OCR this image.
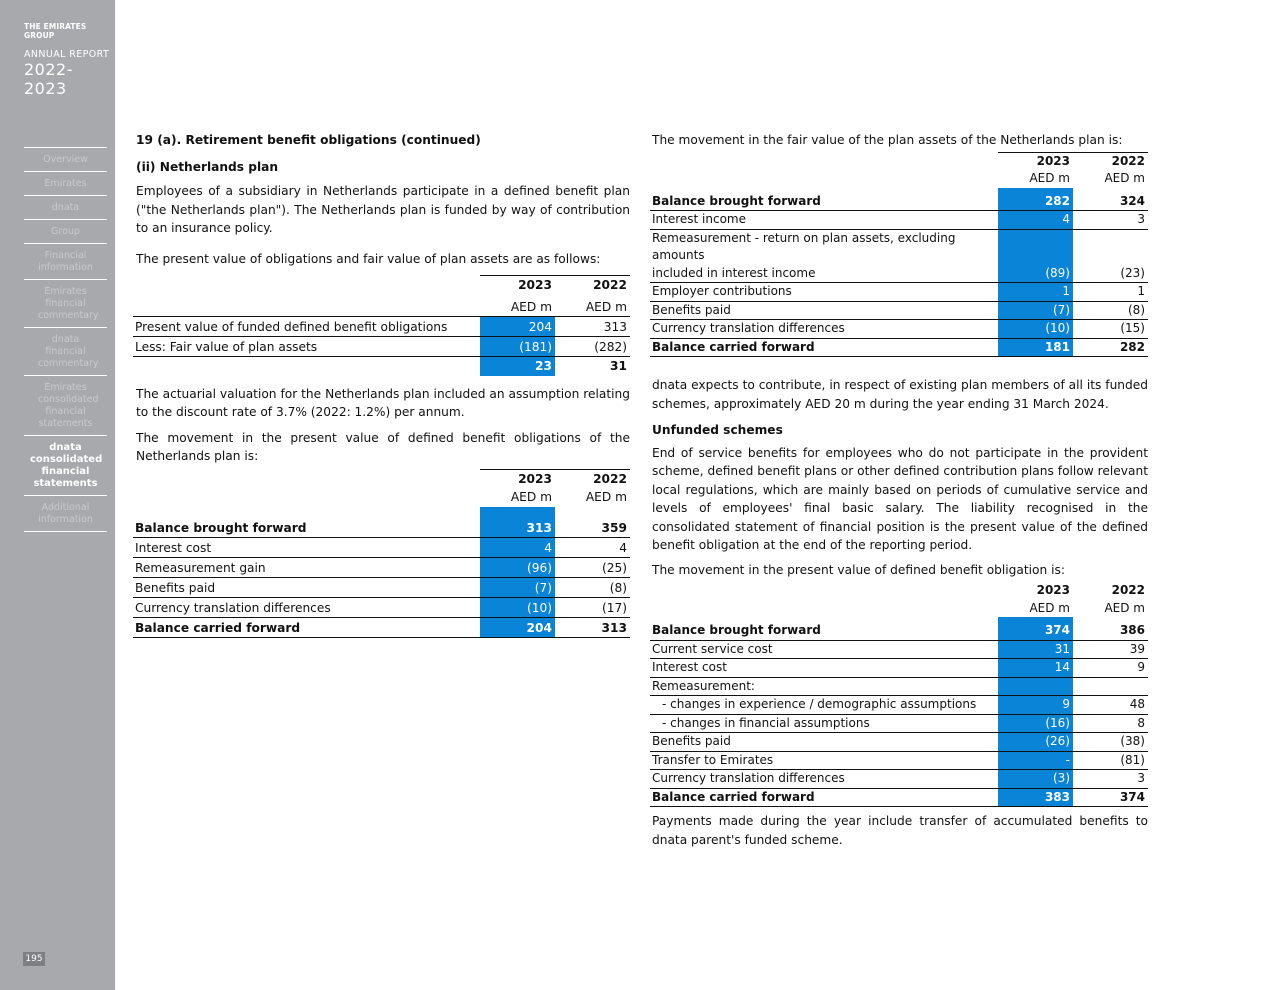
THE EMIRATES GROUP
ANNUAL REPORT
2022-2023
Overview
Emirates
dnata
Group
Financial information
Emirates financial commentary
dnata financial commentary
Emirates consolidated financial statements
dnata consolidated financial statements
Additional information
195
19 (a). Retirement benefit obligations (continued)
(ii) Netherlands plan
Employees of a subsidiary in Netherlands participate in a defined benefit plan ("the Netherlands plan"). The Netherlands plan is funded by way of contribution to an insurance policy.
The present value of obligations and fair value of plan assets are as follows:
	2023	2022
	AED m	AED m
Present value of funded defined benefit obligations	204	313
Less: Fair value of plan assets	(181)	(282)
	23	31
The actuarial valuation for the Netherlands plan included an assumption relating to the discount rate of 3.7% (2022: 1.2%) per annum.
The movement in the present value of defined benefit obligations of the Netherlands plan is:
	2023	2022
	AED m	AED m

Balance brought forward	313	359
Interest cost	4	4
Remeasurement gain	(96)	(25)
Benefits paid	(7)	(8)
Currency translation differences	(10)	(17)
Balance carried forward	204	313
The movement in the fair value of the plan assets of the Netherlands plan is:
	2023	2022
	AED m	AED m

Balance brought forward	282	324
Interest income	4	3
Remeasurement - return on plan assets, excluding amounts
included in interest income	(89)	(23)
Employer contributions	1	1
Benefits paid	(7)	(8)
Currency translation differences	(10)	(15)
Balance carried forward	181	282
dnata expects to contribute, in respect of existing plan members of all its funded schemes, approximately AED 20 m during the year ending 31 March 2024.
Unfunded schemes
End of service benefits for employees who do not participate in the provident scheme, defined benefit plans or other defined contribution plans follow relevant local regulations, which are mainly based on periods of cumulative service and levels of employees' final basic salary. The liability recognised in the consolidated statement of financial position is the present value of the defined benefit obligation at the end of the reporting period.
The movement in the present value of defined benefit obligation is:
	2023	2022
	AED m	AED m

Balance brought forward	374	386
Current service cost	31	39
Interest cost	14	9
Remeasurement:		
- changes in experience / demographic assumptions	9	48
- changes in financial assumptions	(16)	8
Benefits paid	(26)	(38)
Transfer to Emirates	-	(81)
Currency translation differences	(3)	3
Balance carried forward	383	374
Payments made during the year include transfer of accumulated benefits to dnata parent's funded scheme.
